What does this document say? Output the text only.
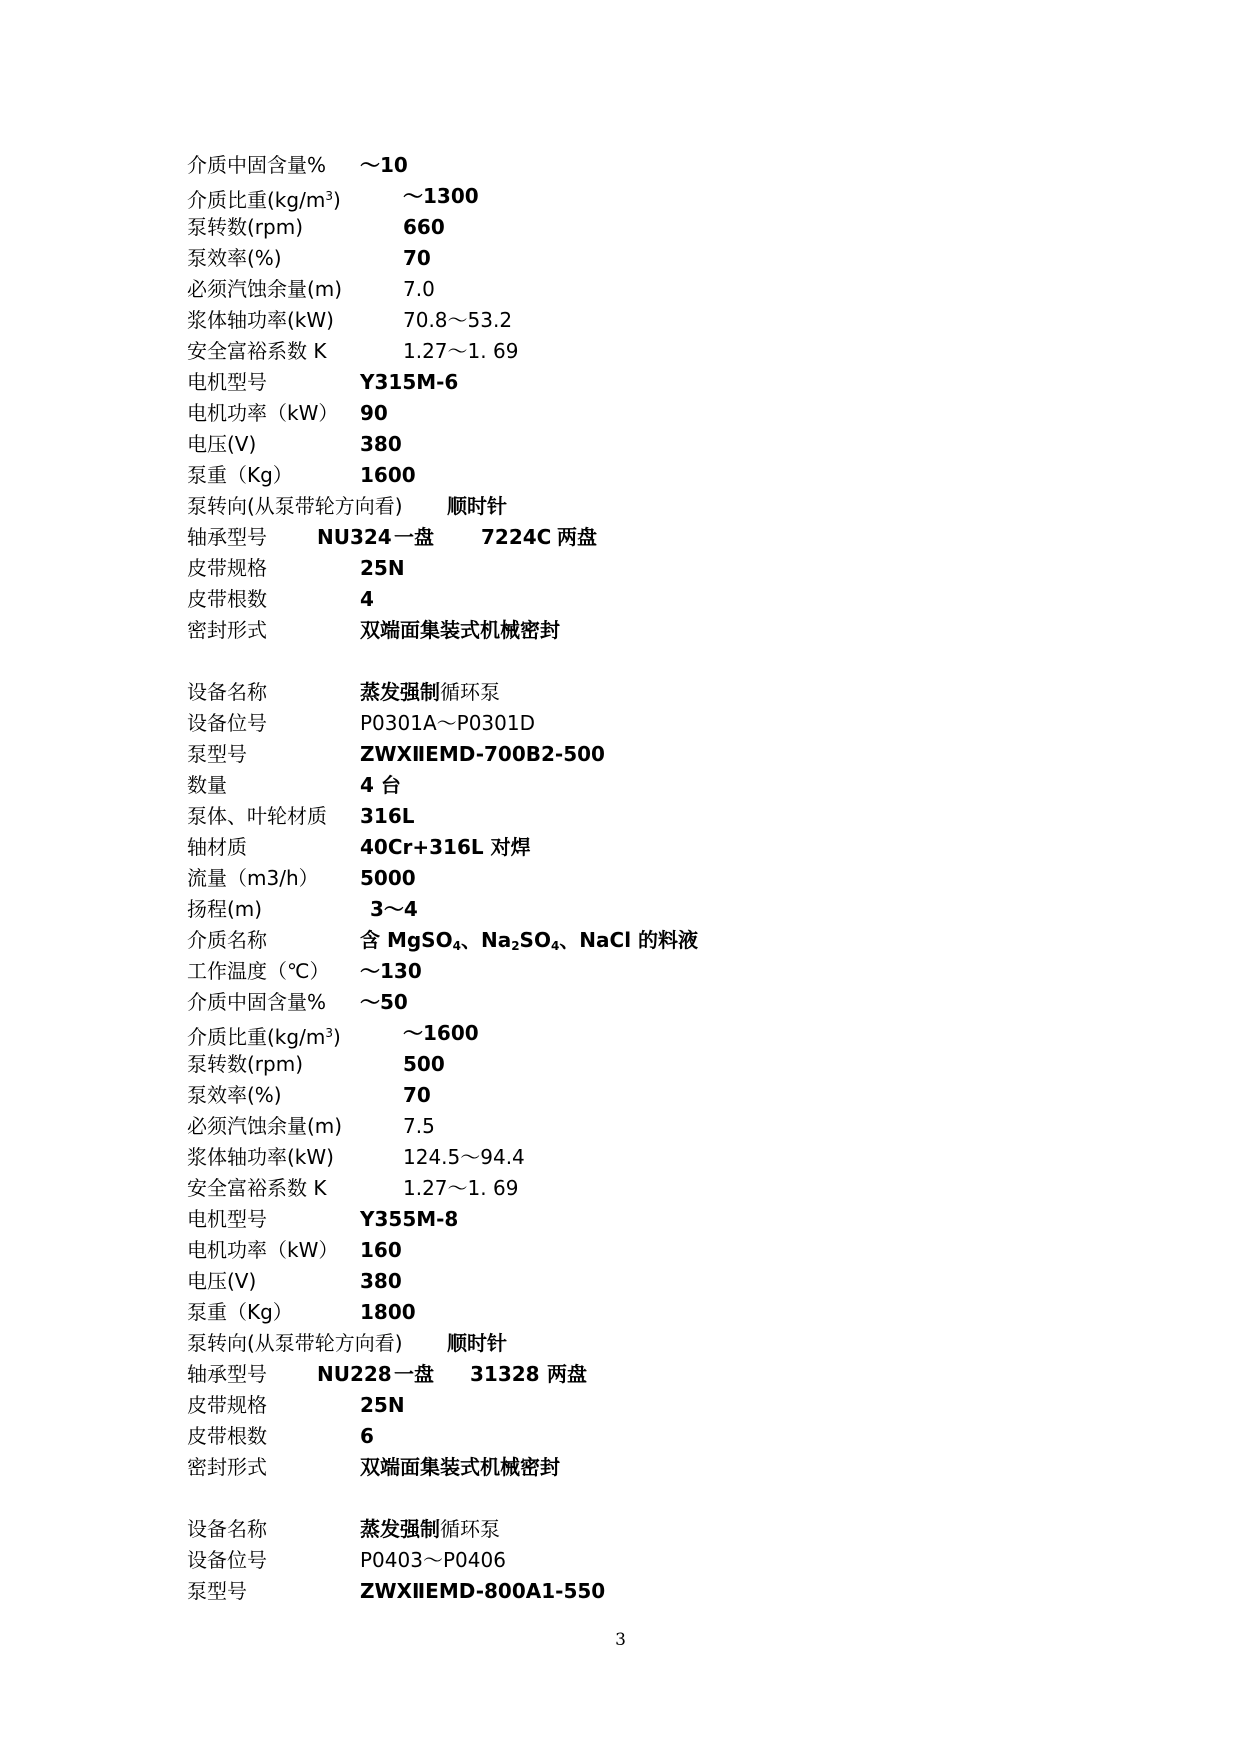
介质中固含量% ～10
介质比重$(kg/m^3)$	～1300
泵转数(rpm)	660
泵效率(%)	70
必须汽蚀余量(m)	7.0
浆体轴功率(kW)	70.8～53.2
安全富裕系数 K	1.27～1. 69
电机型号	Y315M-6
电机功率（kW） 90
电压(V)	380
泵重（Kg）	1600
泵转向(从泵带轮方向看) 顺时针
轴承型号	NU324 一盘 7224C 两盘
皮带规格	25N
皮带根数	4
密封形式	双端面集装式机械密封
设备名称	蒸发强制循环泵
设备位号	P0301A～P0301D
泵型号	ZWXⅡEMD-700B2-500
数量	4 台
泵体、叶轮材质 316L
轴材质	40Cr+316L 对焊
流量（m3/h） 5000
扬程(m)	3～4
介质名称	含 MgSO$_4$、$Na_2SO_4$、NaCl 的料液
工作温度（℃） ～130
介质中固含量% ～50
介质比重$(kg/m^3)$	～1600
泵转数(rpm)	500
泵效率(%)	70
必须汽蚀余量(m)	7.5
浆体轴功率(kW)	124.5～94.4
安全富裕系数 K	1.27～1. 69
电机型号	Y355M-8
电机功率（kW） 160
电压(V)	380
泵重（Kg）	1800
泵转向(从泵带轮方向看) 顺时针
轴承型号	NU228 一盘 31328 两盘
皮带规格	25N
皮带根数	6
密封形式	双端面集装式机械密封
设备名称	蒸发强制循环泵
设备位号	P0403～P0406
泵型号	ZWXⅡEMD-800A1-550
3
